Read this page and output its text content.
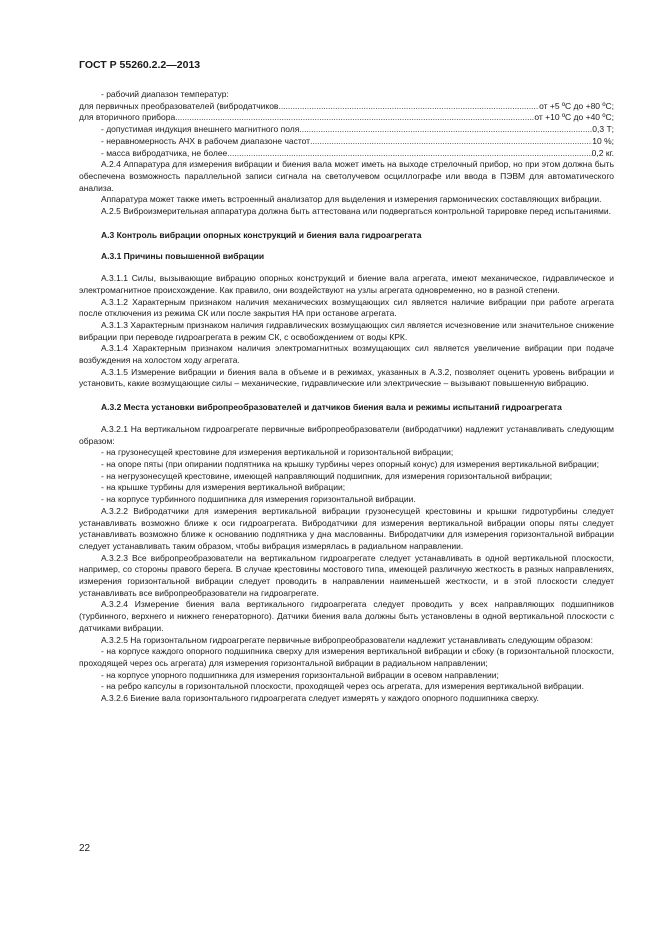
ГОСТ Р 55260.2.2—2013

- рабочий диапазон температур:

для первичных преобразователей (вибродатчиков .....	от +5 ºС до +80 ºС;
для вторичного прибора .....	от +10 ºС до +40 ºС;
- допустимая индукция внешнего магнитного поля .....	0,3 Т;
- неравномерность АЧХ в рабочем диапазоне частот .....	10 %;
- масса вибродатчика, не более .....	0,2 кг.

А.2.4 Аппаратура для измерения вибрации и биения вала может иметь на выходе стрелочный прибор, но при этом должна быть обеспечена возможность параллельной записи сигнала на светолучевом осциллографе или ввода в ПЭВМ для автоматического анализа.

Аппаратура может также иметь встроенный анализатор для выделения и измерения гармонических составляющих вибрации.

А.2.5 Виброизмерительная аппаратура должна быть аттестована или подвергаться контрольной тарировке перед испытаниями.

А.3 Контроль вибрации опорных конструкций и биения вала гидроагрегата

А.3.1 Причины повышенной вибрации

А.3.1.1 Силы, вызывающие вибрацию опорных конструкций и биение вала агрегата, имеют механическое, гидравлическое и электромагнитное происхождение. Как правило, они воздействуют на узлы агрегата одновременно, но в разной степени.

А.3.1.2 Характерным признаком наличия механических возмущающих сил является наличие вибрации при работе агрегата после отключения из режима СК или после закрытия НА при останове агрегата.

А.3.1.3 Характерным признаком наличия гидравлических возмущающих сил является исчезновение или значительное снижение вибрации при переводе гидроагрегата в режим СК, с освобождением от воды КРК.

А.3.1.4 Характерным признаком наличия электромагнитных возмущающих сил является увеличение вибрации при подаче возбуждения на холостом ходу агрегата.

А.3.1.5 Измерение вибрации и биения вала в объеме и в режимах, указанных в А.3.2, позволяет оценить уровень вибрации и установить, какие возмущающие силы – механические, гидравлические или электрические – вызывают повышенную вибрацию.

А.3.2 Места установки вибропреобразователей и датчиков биения вала и режимы испытаний гидроагрегата

А.3.2.1 На вертикальном гидроагрегате первичные вибропреобразователи (вибродатчики) надлежит устанавливать следующим образом:

- на грузонесущей крестовине для измерения вертикальной и горизонтальной вибрации;

- на опоре пяты (при опирании подпятника на крышку турбины через опорный конус) для измерения вертикальной вибрации;

- на негрузонесущей крестовине, имеющей направляющий подшипник, для измерения горизонтальной вибрации;

- на крышке турбины для измерения вертикальной вибрации;

- на корпусе турбинного подшипника для измерения горизонтальной вибрации.

А.3.2.2 Вибродатчики для измерения вертикальной вибрации грузонесущей крестовины и крышки гидротурбины следует устанавливать возможно ближе к оси гидроагрегата. Вибродатчики для измерения вертикальной вибрации опоры пяты следует устанавливать возможно ближе к основанию подпятника у дна маслованны. Вибродатчики для измерения горизонтальной вибрации следует устанавливать таким образом, чтобы вибрация измерялась в радиальном направлении.

А.3.2.3 Все вибропреобразователи на вертикальном гидроагрегате следует устанавливать в одной вертикальной плоскости, например, со стороны правого берега. В случае крестовины мостового типа, имеющей различную жесткость в разных направлениях, измерения горизонтальной вибрации следует проводить в направлении наименьшей жесткости, и в этой плоскости следует устанавливать все вибропреобразователи на гидроагрегате.

А.3.2.4 Измерение биения вала вертикального гидроагрегата следует проводить у всех направляющих подшипников (турбинного, верхнего и нижнего генераторного). Датчики биения вала должны быть установлены в одной вертикальной плоскости с датчиками вибрации.

А.3.2.5 На горизонтальном гидроагрегате первичные вибропреобразователи надлежит устанавливать следующим образом:

- на корпусе каждого опорного подшипника сверху для измерения вертикальной вибрации и сбоку (в горизонтальной плоскости, проходящей через ось агрегата) для измерения горизонтальной вибрации в радиальном направлении;

- на корпусе упорного подшипника для измерения горизонтальной вибрации в осевом направлении;

- на ребро капсулы в горизонтальной плоскости, проходящей через ось агрегата, для измерения вертикальной вибрации.

А.3.2.6 Биение вала горизонтального гидроагрегата следует измерять у каждого опорного подшипника сверху.

22
